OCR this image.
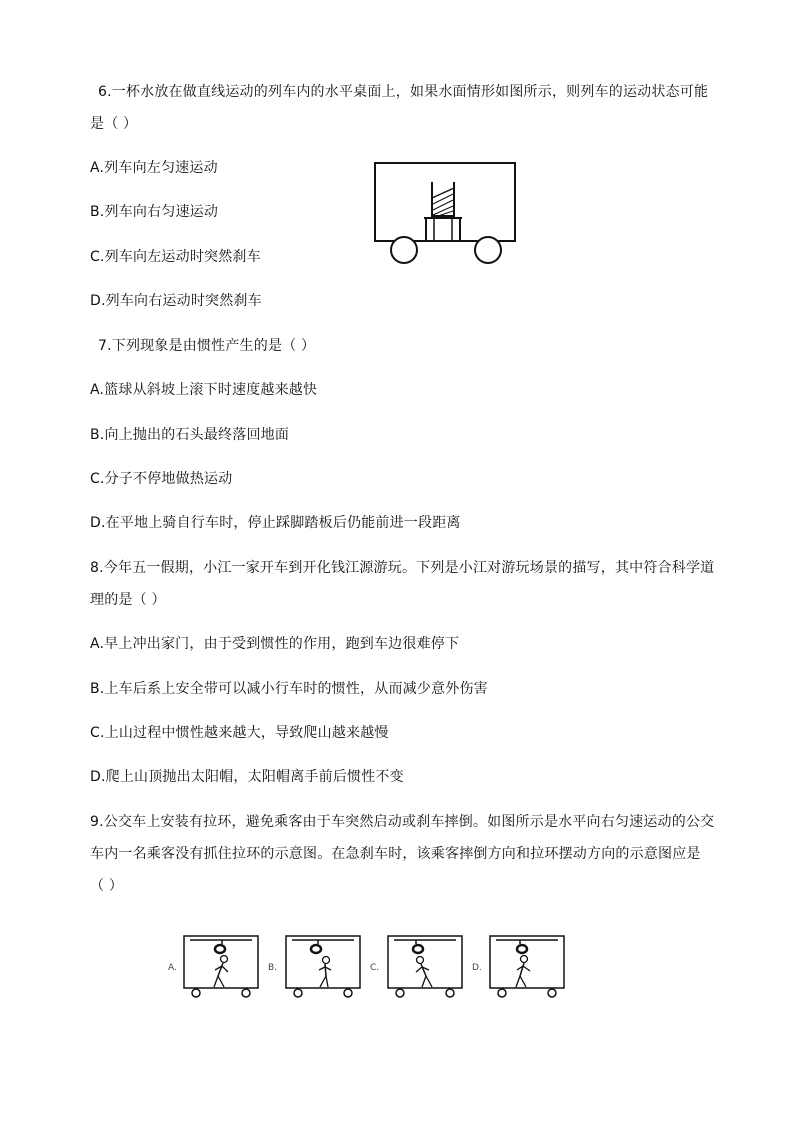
6.一杯水放在做直线运动的列车内的水平桌面上，如果水面情形如图所示，则列车的运动状态可能
是（ ）
A.列车向左匀速运动
B.列车向右匀速运动
C.列车向左运动时突然刹车
D.列车向右运动时突然刹车
7.下列现象是由惯性产生的是（ ）
A.篮球从斜坡上滚下时速度越来越快
B.向上抛出的石头最终落回地面
C.分子不停地做热运动
D.在平地上骑自行车时，停止踩脚踏板后仍能前进一段距离
8.今年五一假期，小江一家开车到开化钱江源游玩。下列是小江对游玩场景的描写，其中符合科学道
理的是（ ）
A.早上冲出家门，由于受到惯性的作用，跑到车边很难停下
B.上车后系上安全带可以减小行车时的惯性，从而减少意外伤害
C.上山过程中惯性越来越大，导致爬山越来越慢
D.爬上山顶抛出太阳帽，太阳帽离手前后惯性不变
9.公交车上安装有拉环，避免乘客由于车突然启动或刹车摔倒。如图所示是水平向右匀速运动的公交
车内一名乘客没有抓住拉环的示意图。在急刹车时，该乘客摔倒方向和拉环摆动方向的示意图应是
（ ）
A.	B.	C.	D.
